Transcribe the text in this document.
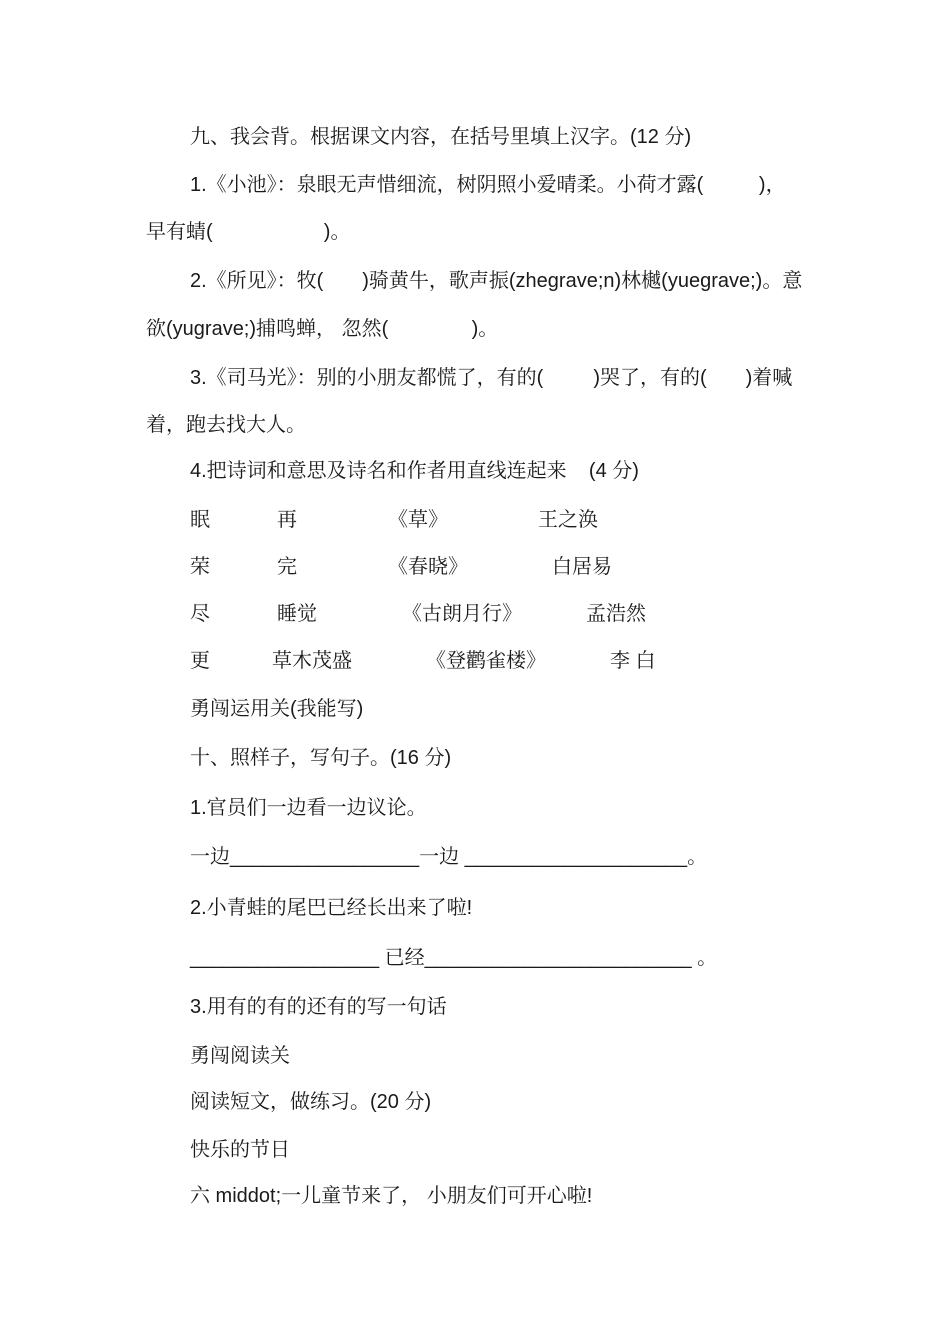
九、我会背。根据课文内容，在括号里填上汉字。(12 分)
1.《小池》：泉眼无声惜细流，树阴照小爱晴柔。小荷才露(          )，
早有蜻(                    )。
2.《所见》：牧(       )骑黄牛，歌声振(zhegrave;n)林樾(yuegrave;)。意
欲(yugrave;)捕鸣蝉， 忽然(               )。
3.《司马光》：别的小朋友都慌了，有的(         )哭了，有的(       )着喊
着，跑去找大人。
4.把诗词和意思及诗名和作者用直线连起来    (4 分)
眠	再	《草》	王之涣
荣	完	《春晓》	白居易
尽	睡觉	《古朗月行》	孟浩然
更	草木茂盛	《登鹳雀楼》	李 白
勇闯运用关(我能写)
十、照样子，写句子。(16 分)
1.官员们一边看一边议论。
一边_________________一边 ____________________。
2.小青蛙的尾巴已经长出来了啦!
_________________ 已经________________________ 。
3.用有的有的还有的写一句话
勇闯阅读关
阅读短文，做练习。(20 分)
快乐的节日
六 middot;一儿童节来了， 小朋友们可开心啦!
